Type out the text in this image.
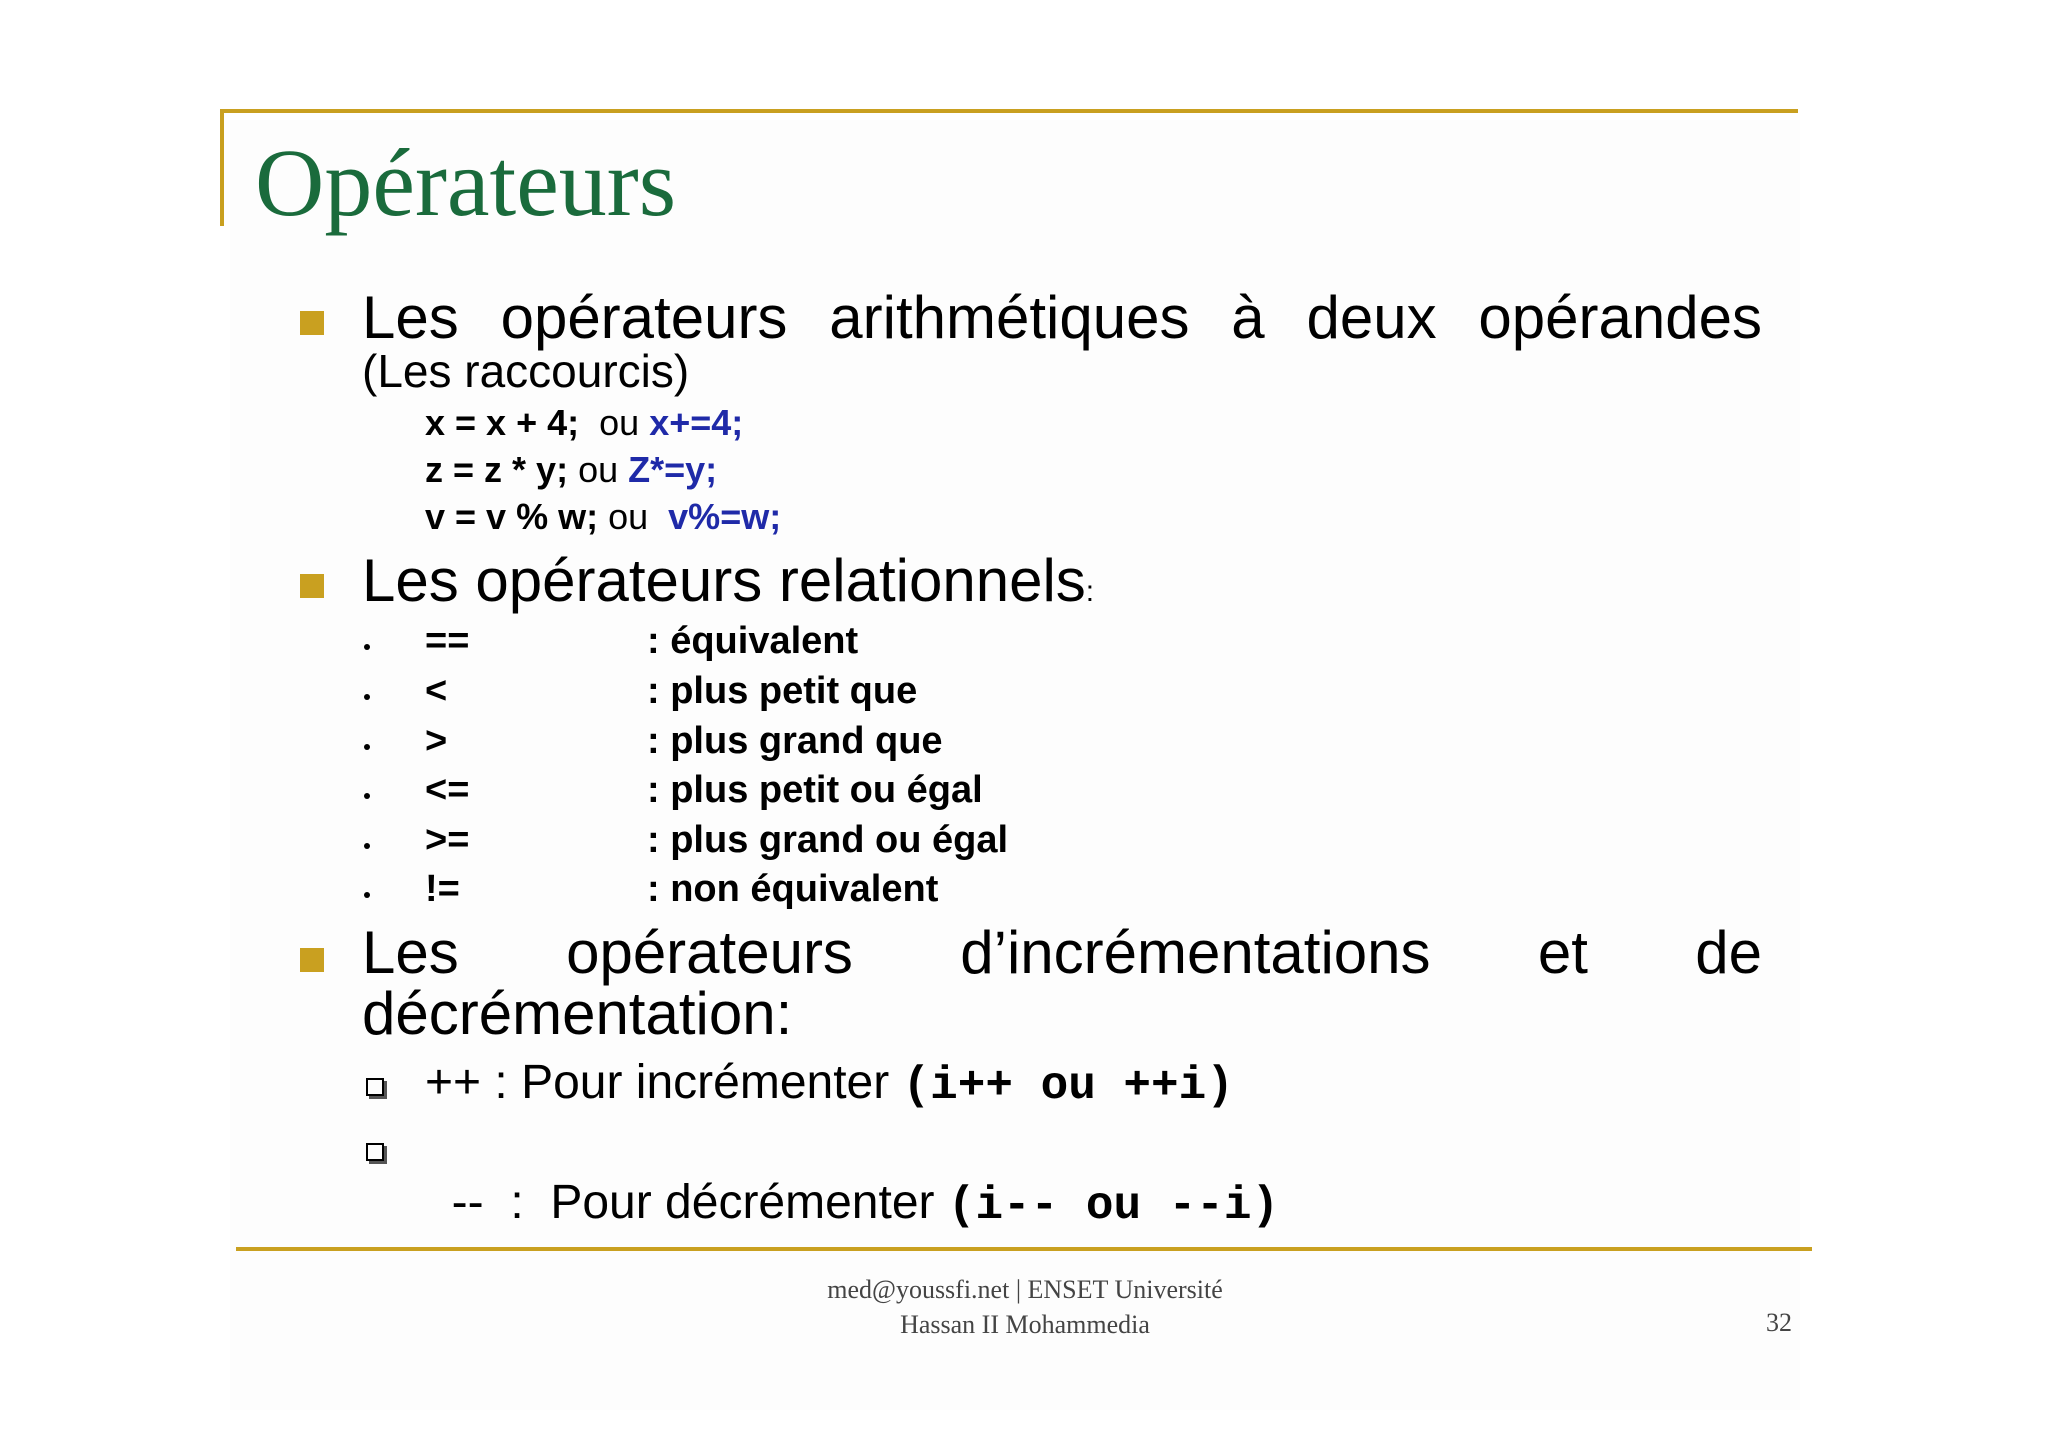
Opérateurs
Les opérateurs arithmétiques à deux opérandes
(Les raccourcis)
x = x + 4; ou x+=4;
z = z * y; ou Z*=y;
v = v % w; ou v%=w;
Les opérateurs relationnels:
==	: équivalent
<	: plus petit que
>	: plus grand que
<=	: plus petit ou égal
>=	: plus grand ou égal
!=	: non équivalent
Les opérateurs d’incrémentations et de
décrémentation:
++ : Pour incrémenter (i++ ou ++i)

--  :  Pour décrémenter (i-- ou --i)

med@youssfi.net | ENSET Université
Hassan II Mohammedia	32
